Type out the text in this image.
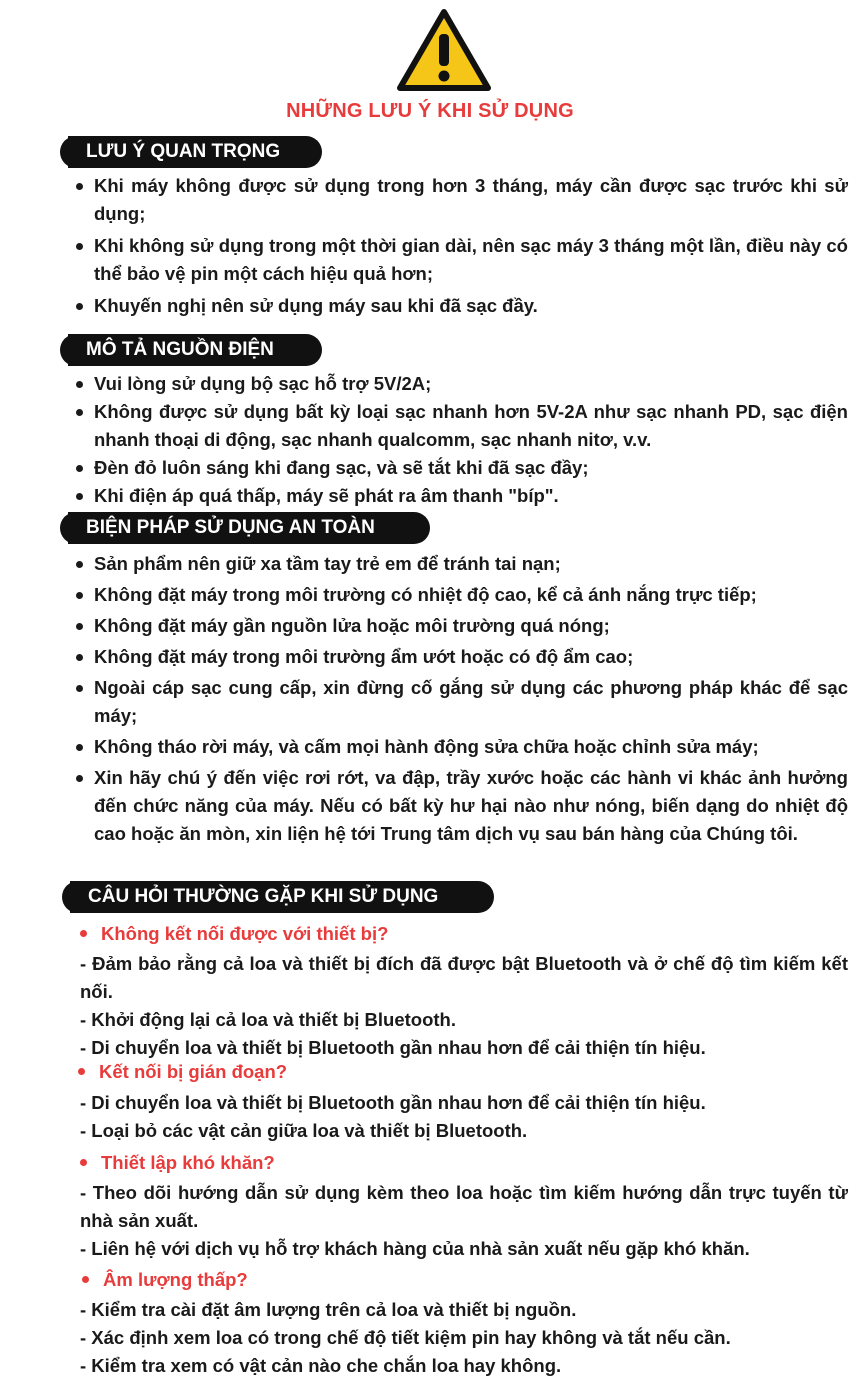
NHỮNG LƯU Ý KHI SỬ DỤNG
LƯU Ý QUAN TRỌNG
Khi máy không được sử dụng trong hơn 3 tháng, máy cần được sạc trước khi sử dụng;
Khi không sử dụng trong một thời gian dài, nên sạc máy 3 tháng một lần, điều này có thể bảo vệ pin một cách hiệu quả hơn;
Khuyến nghị nên sử dụng máy sau khi đã sạc đầy.
MÔ TẢ NGUỒN ĐIỆN
Vui lòng sử dụng bộ sạc hỗ trợ 5V/2A;
Không được sử dụng bất kỳ loại sạc nhanh hơn 5V-2A như sạc nhanh PD, sạc điện nhanh thoại di động, sạc nhanh qualcomm, sạc nhanh nitơ, v.v.
Đèn đỏ luôn sáng khi đang sạc, và sẽ tắt khi đã sạc đầy;
Khi điện áp quá thấp, máy sẽ phát ra âm thanh "bíp".
BIỆN PHÁP SỬ DỤNG AN TOÀN
Sản phẩm nên giữ xa tầm tay trẻ em để tránh tai nạn;
Không đặt máy trong môi trường có nhiệt độ cao, kể cả ánh nắng trực tiếp;
Không đặt máy gần nguồn lửa hoặc môi trường quá nóng;
Không đặt máy trong môi trường ẩm ướt hoặc có độ ẩm cao;
Ngoài cáp sạc cung cấp, xin đừng cố gắng sử dụng các phương pháp khác để sạc máy;
Không tháo rời máy, và cấm mọi hành động sửa chữa hoặc chỉnh sửa máy;
Xin hãy chú ý đến việc rơi rớt, va đập, trầy xước hoặc các hành vi khác ảnh hưởng đến chức năng của máy. Nếu có bất kỳ hư hại nào như nóng, biến dạng do nhiệt độ cao hoặc ăn mòn, xin liện hệ tới Trung tâm dịch vụ sau bán hàng của Chúng tôi.
CÂU HỎI THƯỜNG GẶP KHI SỬ DỤNG
Không kết nối được với thiết bị?
- Đảm bảo rằng cả loa và thiết bị đích đã được bật Bluetooth và ở chế độ tìm kiếm kết nối.
- Khởi động lại cả loa và thiết bị Bluetooth.
- Di chuyển loa và thiết bị Bluetooth gần nhau hơn để cải thiện tín hiệu.
Kết nối bị gián đoạn?
- Di chuyển loa và thiết bị Bluetooth gần nhau hơn để cải thiện tín hiệu.
- Loại bỏ các vật cản giữa loa và thiết bị Bluetooth.
Thiết lập khó khăn?
- Theo dõi hướng dẫn sử dụng kèm theo loa hoặc tìm kiếm hướng dẫn trực tuyến từ nhà sản xuất.
- Liên hệ với dịch vụ hỗ trợ khách hàng của nhà sản xuất nếu gặp khó khăn.
Âm lượng thấp?
- Kiểm tra cài đặt âm lượng trên cả loa và thiết bị nguồn.
- Xác định xem loa có trong chế độ tiết kiệm pin hay không và tắt nếu cần.
- Kiểm tra xem có vật cản nào che chắn loa hay không.
